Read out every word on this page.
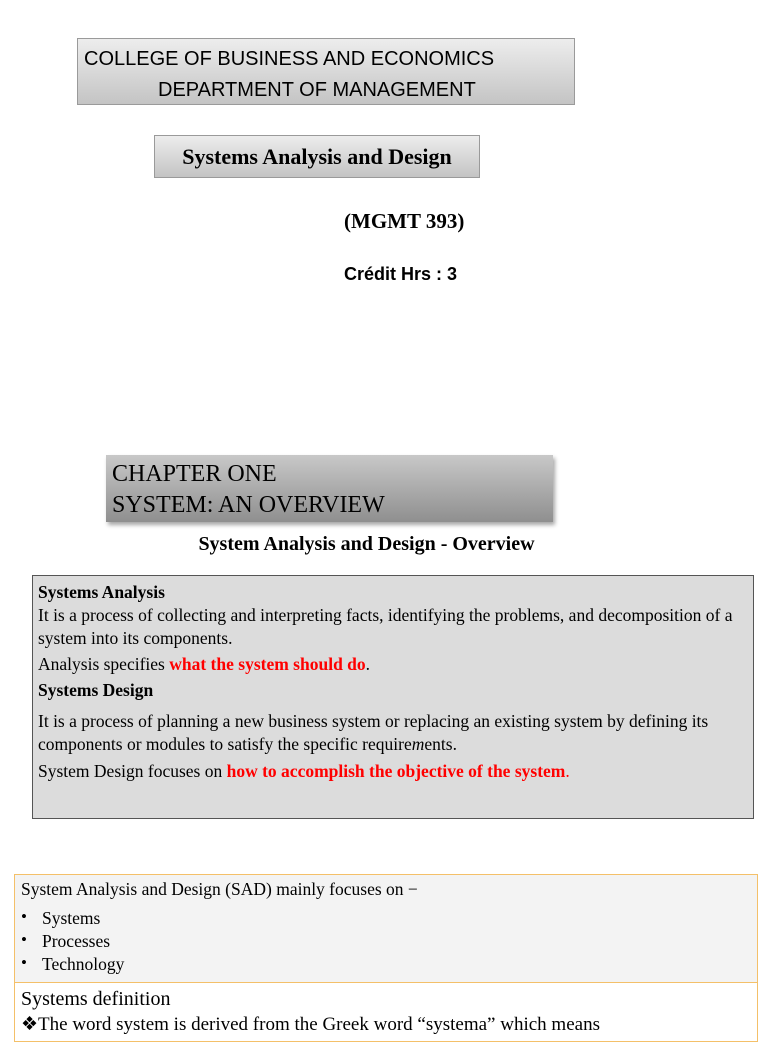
COLLEGE OF BUSINESS AND ECONOMICS
DEPARTMENT OF MANAGEMENT
Systems Analysis and Design
(MGMT 393)
Crédit Hrs : 3
CHAPTER ONE
SYSTEM: AN OVERVIEW
System Analysis and Design - Overview

Systems Analysis

It is a process of collecting and interpreting facts, identifying the problems, and decomposition of a system into its components.

Analysis specifies what the system should do.

Systems Design

It is a process of planning a new business system or replacing an existing system by defining its components or modules to satisfy the specific requirements.

System Design focuses on how to accomplish the objective of the system.

System Analysis and Design (SAD) mainly focuses on −
• Systems
• Processes
• Technology
Systems definition
❖The word system is derived from the Greek word “systema” which means
